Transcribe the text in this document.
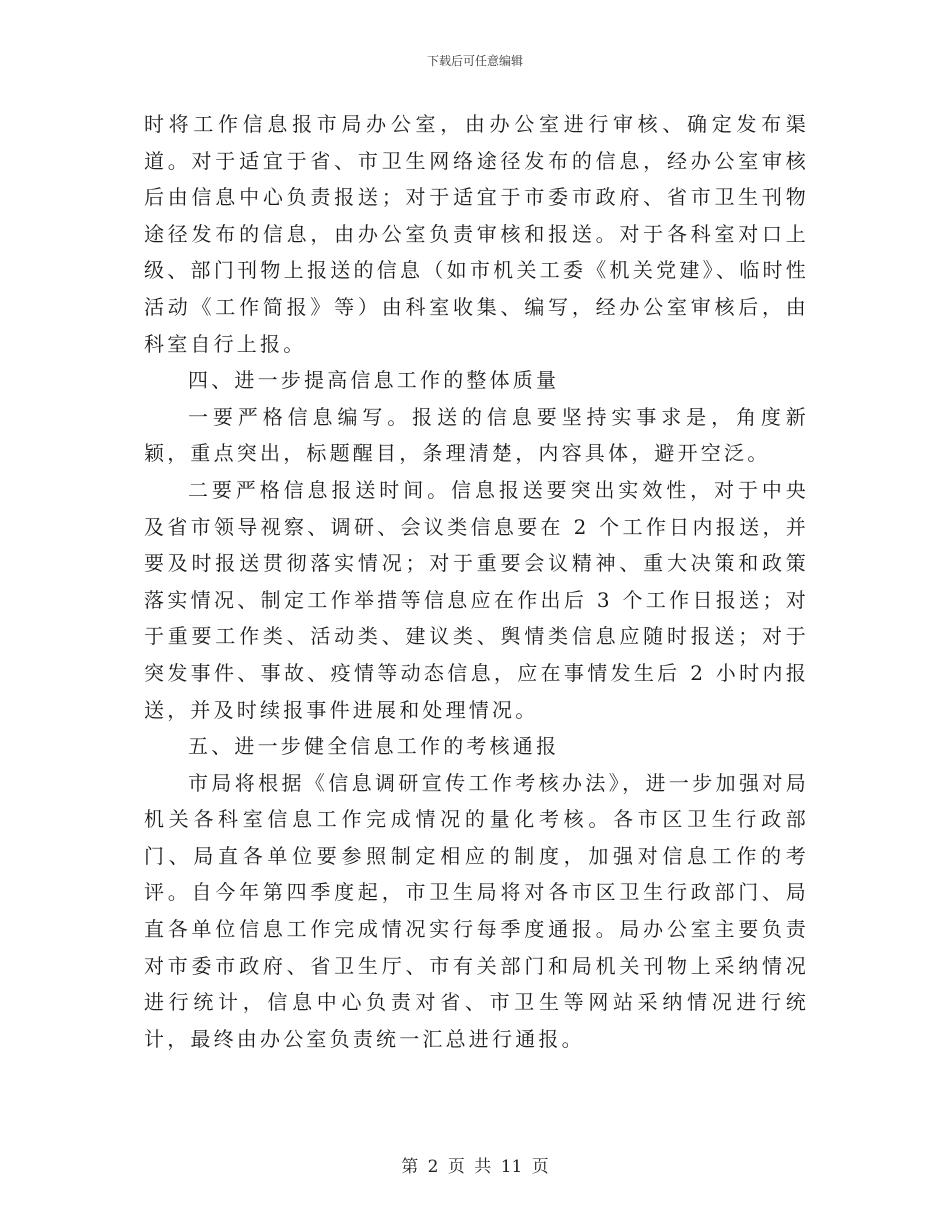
下载后可任意编辑

时将工作信息报市局办公室，由办公室进行审核、确定发布渠道。对于适宜于省、市卫生网络途径发布的信息，经办公室审核后由信息中心负责报送；对于适宜于市委市政府、省市卫生刊物途径发布的信息，由办公室负责审核和报送。对于各科室对口上级、部门刊物上报送的信息（如市机关工委《机关党建》、临时性活动《工作简报》等）由科室收集、编写，经办公室审核后，由科室自行上报。

四、进一步提高信息工作的整体质量

一要严格信息编写。报送的信息要坚持实事求是，角度新颖，重点突出，标题醒目，条理清楚，内容具体，避开空泛。

二要严格信息报送时间。信息报送要突出实效性，对于中央及省市领导视察、调研、会议类信息要在 2 个工作日内报送，并要及时报送贯彻落实情况；对于重要会议精神、重大决策和政策落实情况、制定工作举措等信息应在作出后 3 个工作日报送；对于重要工作类、活动类、建议类、舆情类信息应随时报送；对于突发事件、事故、疫情等动态信息，应在事情发生后 2 小时内报送，并及时续报事件进展和处理情况。

五、进一步健全信息工作的考核通报

市局将根据《信息调研宣传工作考核办法》，进一步加强对局机关各科室信息工作完成情况的量化考核。各市区卫生行政部门、局直各单位要参照制定相应的制度，加强对信息工作的考评。自今年第四季度起，市卫生局将对各市区卫生行政部门、局直各单位信息工作完成情况实行每季度通报。局办公室主要负责对市委市政府、省卫生厅、市有关部门和局机关刊物上采纳情况进行统计，信息中心负责对省、市卫生等网站采纳情况进行统计，最终由办公室负责统一汇总进行通报。

第 2 页 共 11 页
